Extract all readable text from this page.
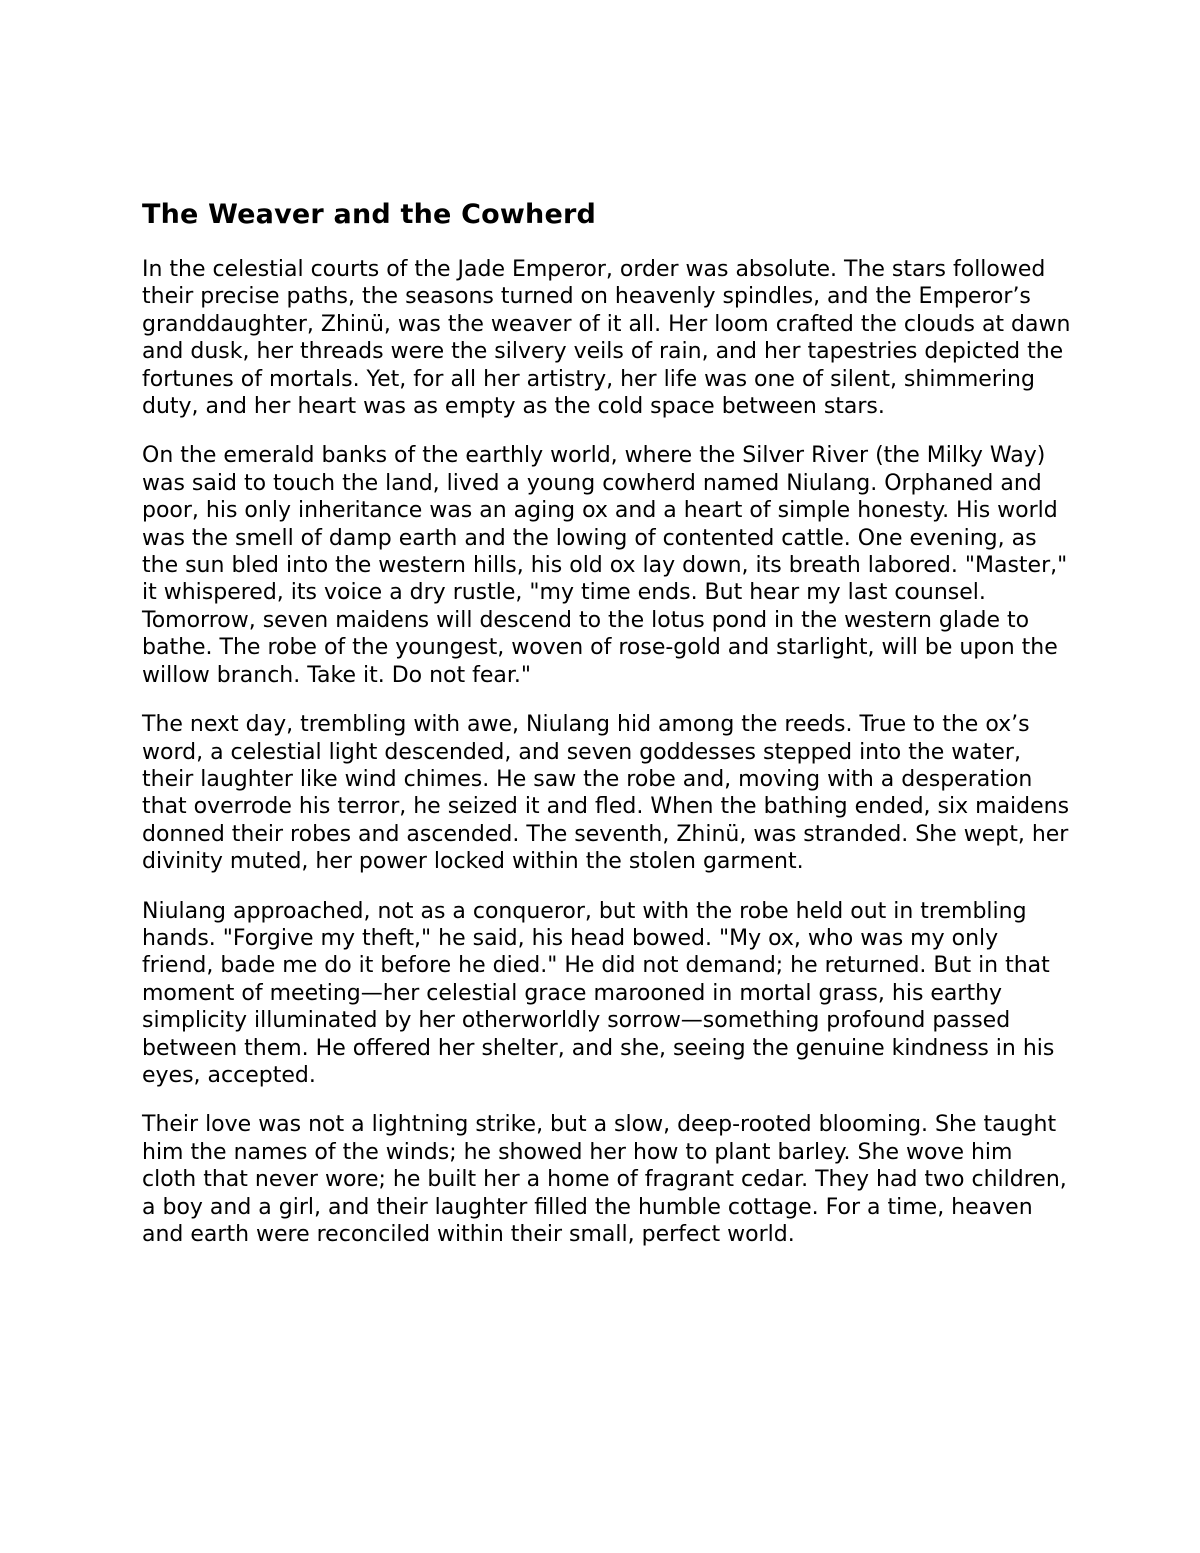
The Weaver and the Cowherd

In the celestial courts of the Jade Emperor, order was absolute. The stars followed their precise paths, the seasons turned on heavenly spindles, and the Emperor’s granddaughter, Zhinü, was the weaver of it all. Her loom crafted the clouds at dawn and dusk, her threads were the silvery veils of rain, and her tapestries depicted the fortunes of mortals. Yet, for all her artistry, her life was one of silent, shimmering duty, and her heart was as empty as the cold space between stars.

On the emerald banks of the earthly world, where the Silver River (the Milky Way) was said to touch the land, lived a young cowherd named Niulang. Orphaned and poor, his only inheritance was an aging ox and a heart of simple honesty. His world was the smell of damp earth and the lowing of contented cattle. One evening, as the sun bled into the western hills, his old ox lay down, its breath labored. "Master," it whispered, its voice a dry rustle, "my time ends. But hear my last counsel. Tomorrow, seven maidens will descend to the lotus pond in the western glade to bathe. The robe of the youngest, woven of rose-gold and starlight, will be upon the willow branch. Take it. Do not fear."

The next day, trembling with awe, Niulang hid among the reeds. True to the ox’s word, a celestial light descended, and seven goddesses stepped into the water, their laughter like wind chimes. He saw the robe and, moving with a desperation that overrode his terror, he seized it and fled. When the bathing ended, six maidens donned their robes and ascended. The seventh, Zhinü, was stranded. She wept, her divinity muted, her power locked within the stolen garment.

Niulang approached, not as a conqueror, but with the robe held out in trembling hands. "Forgive my theft," he said, his head bowed. "My ox, who was my only friend, bade me do it before he died." He did not demand; he returned. But in that moment of meeting—her celestial grace marooned in mortal grass, his earthy simplicity illuminated by her otherworldly sorrow—something profound passed between them. He offered her shelter, and she, seeing the genuine kindness in his eyes, accepted.

Their love was not a lightning strike, but a slow, deep-rooted blooming. She taught him the names of the winds; he showed her how to plant barley. She wove him cloth that never wore; he built her a home of fragrant cedar. They had two children, a boy and a girl, and their laughter filled the humble cottage. For a time, heaven and earth were reconciled within their small, perfect world.
